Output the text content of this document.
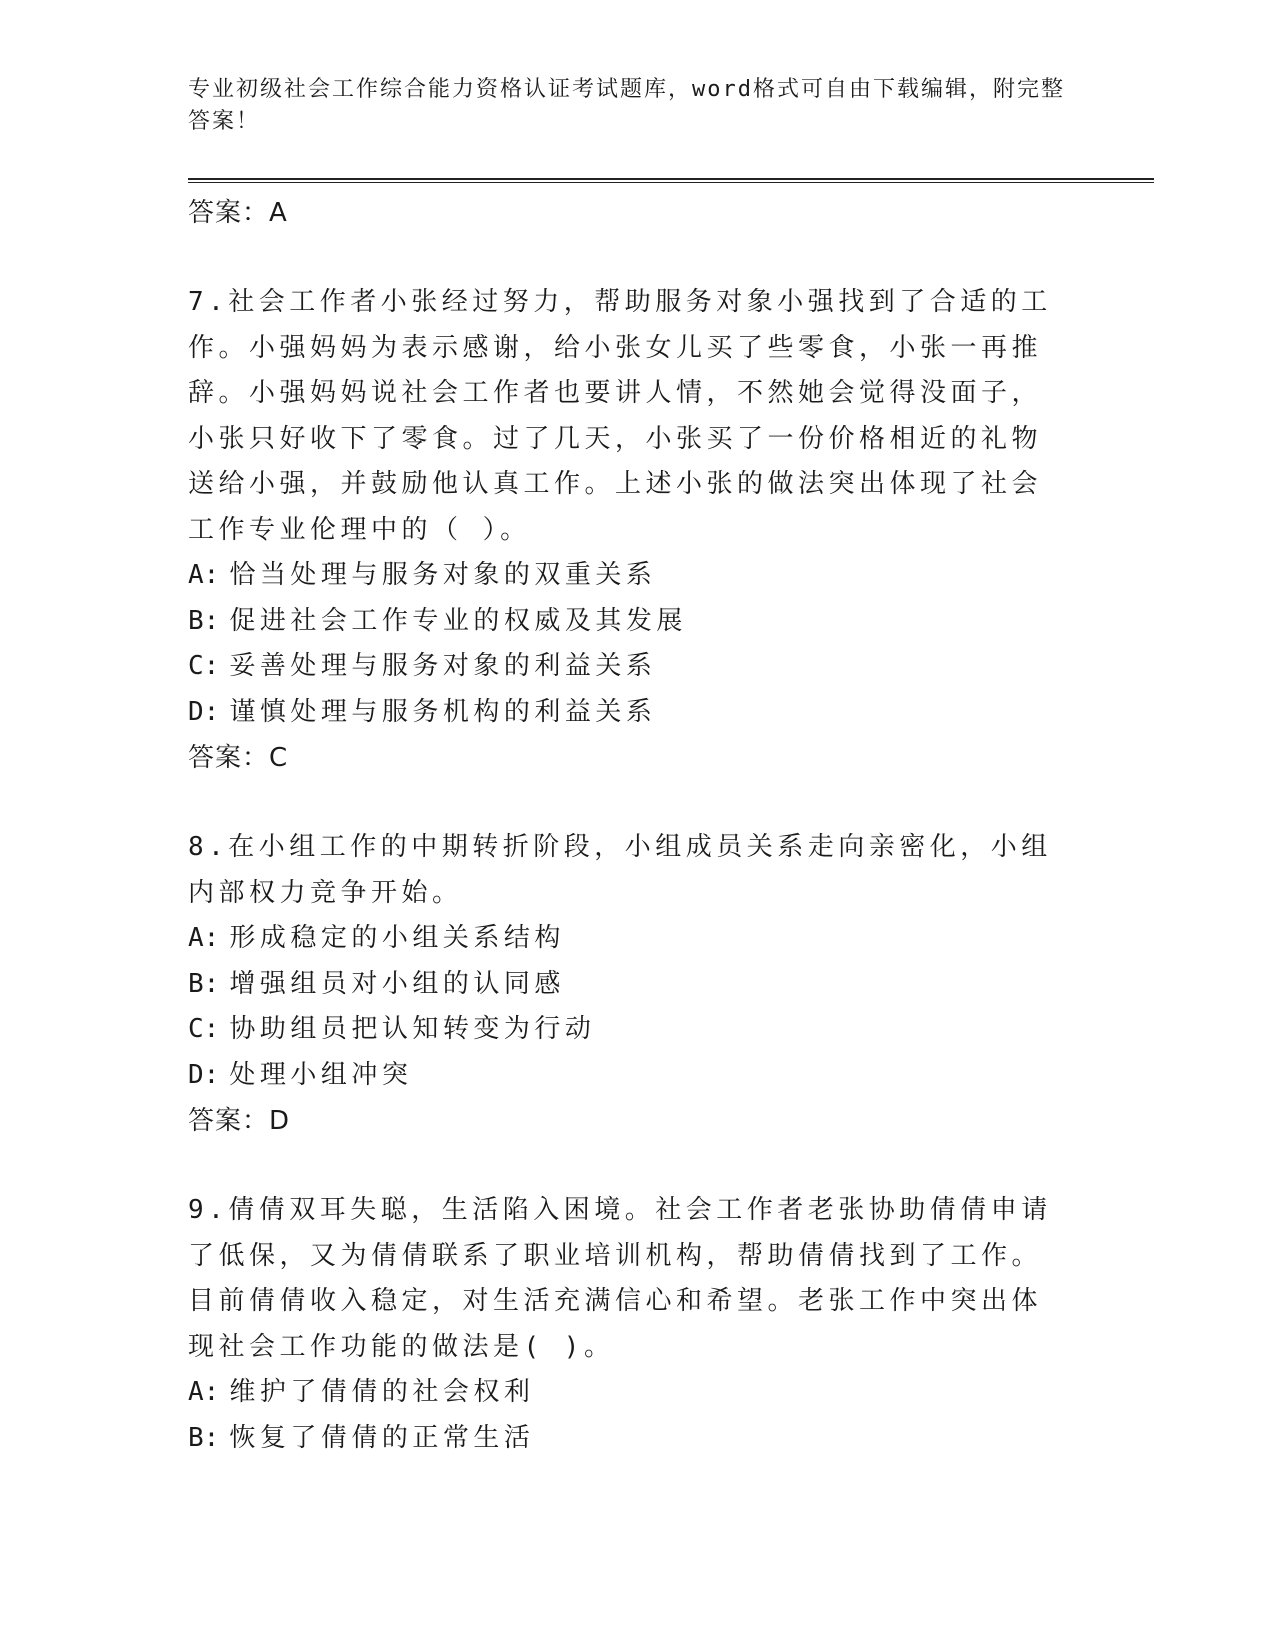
专业初级社会工作综合能力资格认证考试题库，word格式可自由下载编辑，附完整答案！

答案：A

7.社会工作者小张经过努力，帮助服务对象小强找到了合适的工作。小强妈妈为表示感谢，给小张女儿买了些零食，小张一再推辞。小强妈妈说社会工作者也要讲人情，不然她会觉得没面子，小张只好收下了零食。过了几天，小张买了一份价格相近的礼物送给小强，并鼓励他认真工作。上述小张的做法突出体现了社会工作专业伦理中的（ ）。

A: 恰当处理与服务对象的双重关系

B: 促进社会工作专业的权威及其发展

C: 妥善处理与服务对象的利益关系

D: 谨慎处理与服务机构的利益关系

答案：C

8.在小组工作的中期转折阶段，小组成员关系走向亲密化，小组内部权力竞争开始。

A: 形成稳定的小组关系结构

B: 增强组员对小组的认同感

C: 协助组员把认知转变为行动

D: 处理小组冲突

答案：D

9.倩倩双耳失聪，生活陷入困境。社会工作者老张协助倩倩申请了低保，又为倩倩联系了职业培训机构，帮助倩倩找到了工作。目前倩倩收入稳定，对生活充满信心和希望。老张工作中突出体现社会工作功能的做法是( )。

A: 维护了倩倩的社会权利

B: 恢复了倩倩的正常生活
